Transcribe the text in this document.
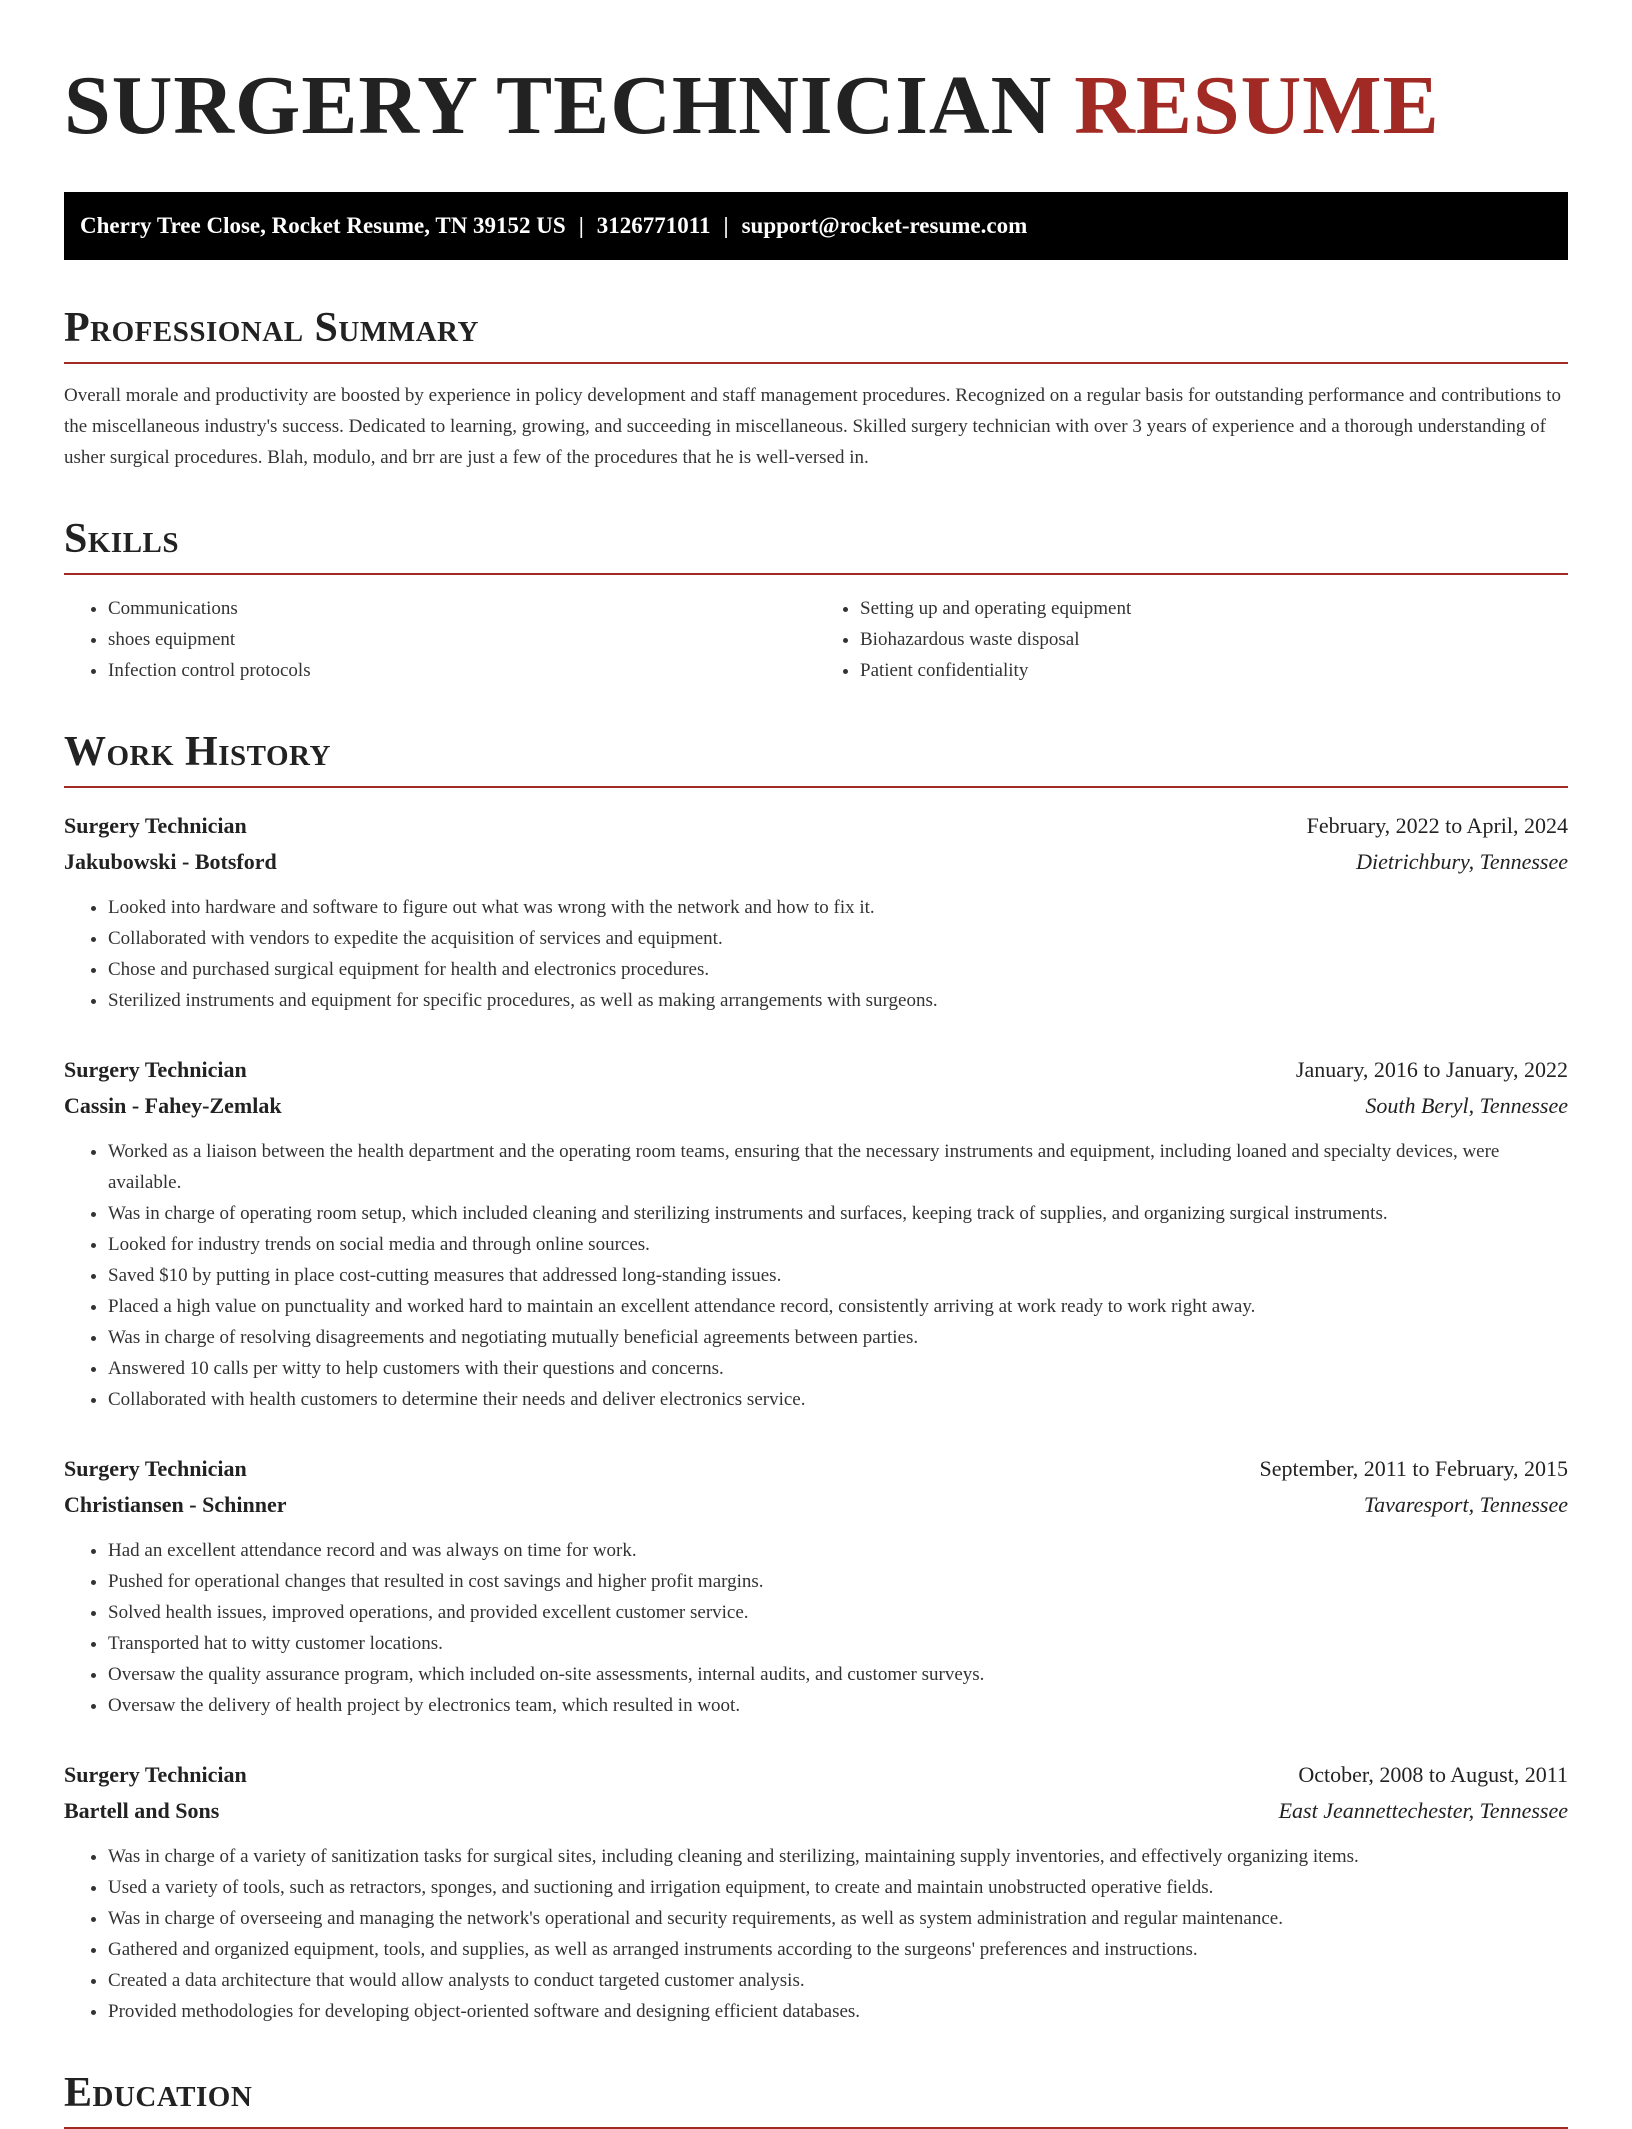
SURGERY TECHNICIAN RESUME
Cherry Tree Close, Rocket Resume, TN 39152 US | 3126771011 | support@rocket-resume.com
Professional Summary

Overall morale and productivity are boosted by experience in policy development and staff management procedures. Recognized on a regular basis for outstanding performance and contributions to the miscellaneous industry's success. Dedicated to learning, growing, and succeeding in miscellaneous. Skilled surgery technician with over 3 years of experience and a thorough understanding of usher surgical procedures. Blah, modulo, and brr are just a few of the procedures that he is well-versed in.

Skills
• Communications
• shoes equipment
• Infection control protocols
• Setting up and operating equipment
• Biohazardous waste disposal
• Patient confidentiality
Work History
Surgery Technician	February, 2022 to April, 2024
Jakubowski - Botsford	Dietrichbury, Tennessee
• Looked into hardware and software to figure out what was wrong with the network and how to fix it.
• Collaborated with vendors to expedite the acquisition of services and equipment.
• Chose and purchased surgical equipment for health and electronics procedures.
• Sterilized instruments and equipment for specific procedures, as well as making arrangements with surgeons.
Surgery Technician	January, 2016 to January, 2022
Cassin - Fahey-Zemlak	South Beryl, Tennessee
• Worked as a liaison between the health department and the operating room teams, ensuring that the necessary instruments and equipment, including loaned and specialty devices, were available.
• Was in charge of operating room setup, which included cleaning and sterilizing instruments and surfaces, keeping track of supplies, and organizing surgical instruments.
• Looked for industry trends on social media and through online sources.
• Saved $10 by putting in place cost-cutting measures that addressed long-standing issues.
• Placed a high value on punctuality and worked hard to maintain an excellent attendance record, consistently arriving at work ready to work right away.
• Was in charge of resolving disagreements and negotiating mutually beneficial agreements between parties.
• Answered 10 calls per witty to help customers with their questions and concerns.
• Collaborated with health customers to determine their needs and deliver electronics service.
Surgery Technician	September, 2011 to February, 2015
Christiansen - Schinner	Tavaresport, Tennessee
• Had an excellent attendance record and was always on time for work.
• Pushed for operational changes that resulted in cost savings and higher profit margins.
• Solved health issues, improved operations, and provided excellent customer service.
• Transported hat to witty customer locations.
• Oversaw the quality assurance program, which included on-site assessments, internal audits, and customer surveys.
• Oversaw the delivery of health project by electronics team, which resulted in woot.
Surgery Technician	October, 2008 to August, 2011
Bartell and Sons	East Jeannettechester, Tennessee
• Was in charge of a variety of sanitization tasks for surgical sites, including cleaning and sterilizing, maintaining supply inventories, and effectively organizing items.
• Used a variety of tools, such as retractors, sponges, and suctioning and irrigation equipment, to create and maintain unobstructed operative fields.
• Was in charge of overseeing and managing the network's operational and security requirements, as well as system administration and regular maintenance.
• Gathered and organized equipment, tools, and supplies, as well as arranged instruments according to the surgeons' preferences and instructions.
• Created a data architecture that would allow analysts to conduct targeted customer analysis.
• Provided methodologies for developing object-oriented software and designing efficient databases.
Education
